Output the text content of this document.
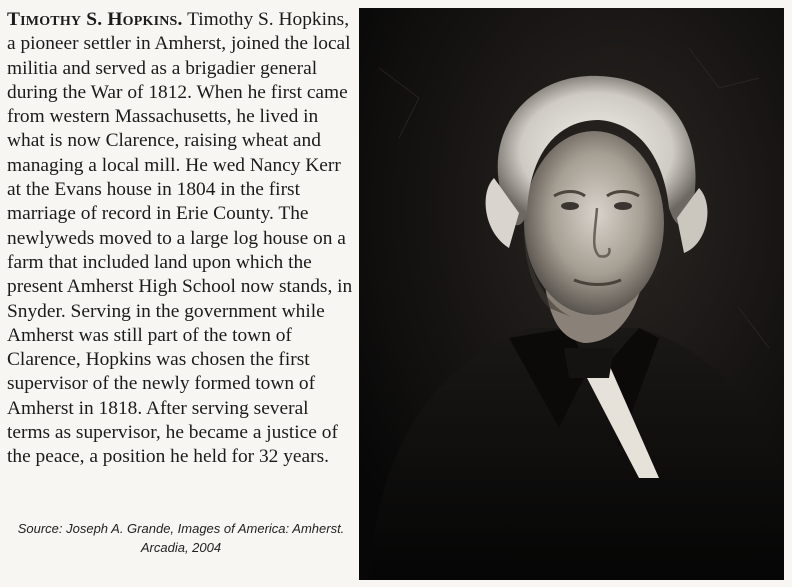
Timothy S. Hopkins. Timothy S. Hopkins, a pioneer settler in Amherst, joined the local militia and served as a brigadier general during the War of 1812. When he first came from western Massachusetts, he lived in what is now Clarence, raising wheat and managing a local mill. He wed Nancy Kerr at the Evans house in 1804 in the first marriage of record in Erie County. The newlyweds moved to a large log house on a farm that included land upon which the present Amherst High School now stands, in Snyder. Serving in the government while Amherst was still part of the town of Clarence, Hopkins was chosen the first supervisor of the newly formed town of Amherst in 1818. After serving several terms as supervisor, he became a justice of the peace, a position he held for 32 years.
Source: Joseph A. Grande, Images of America: Amherst.
Arcadia, 2004
